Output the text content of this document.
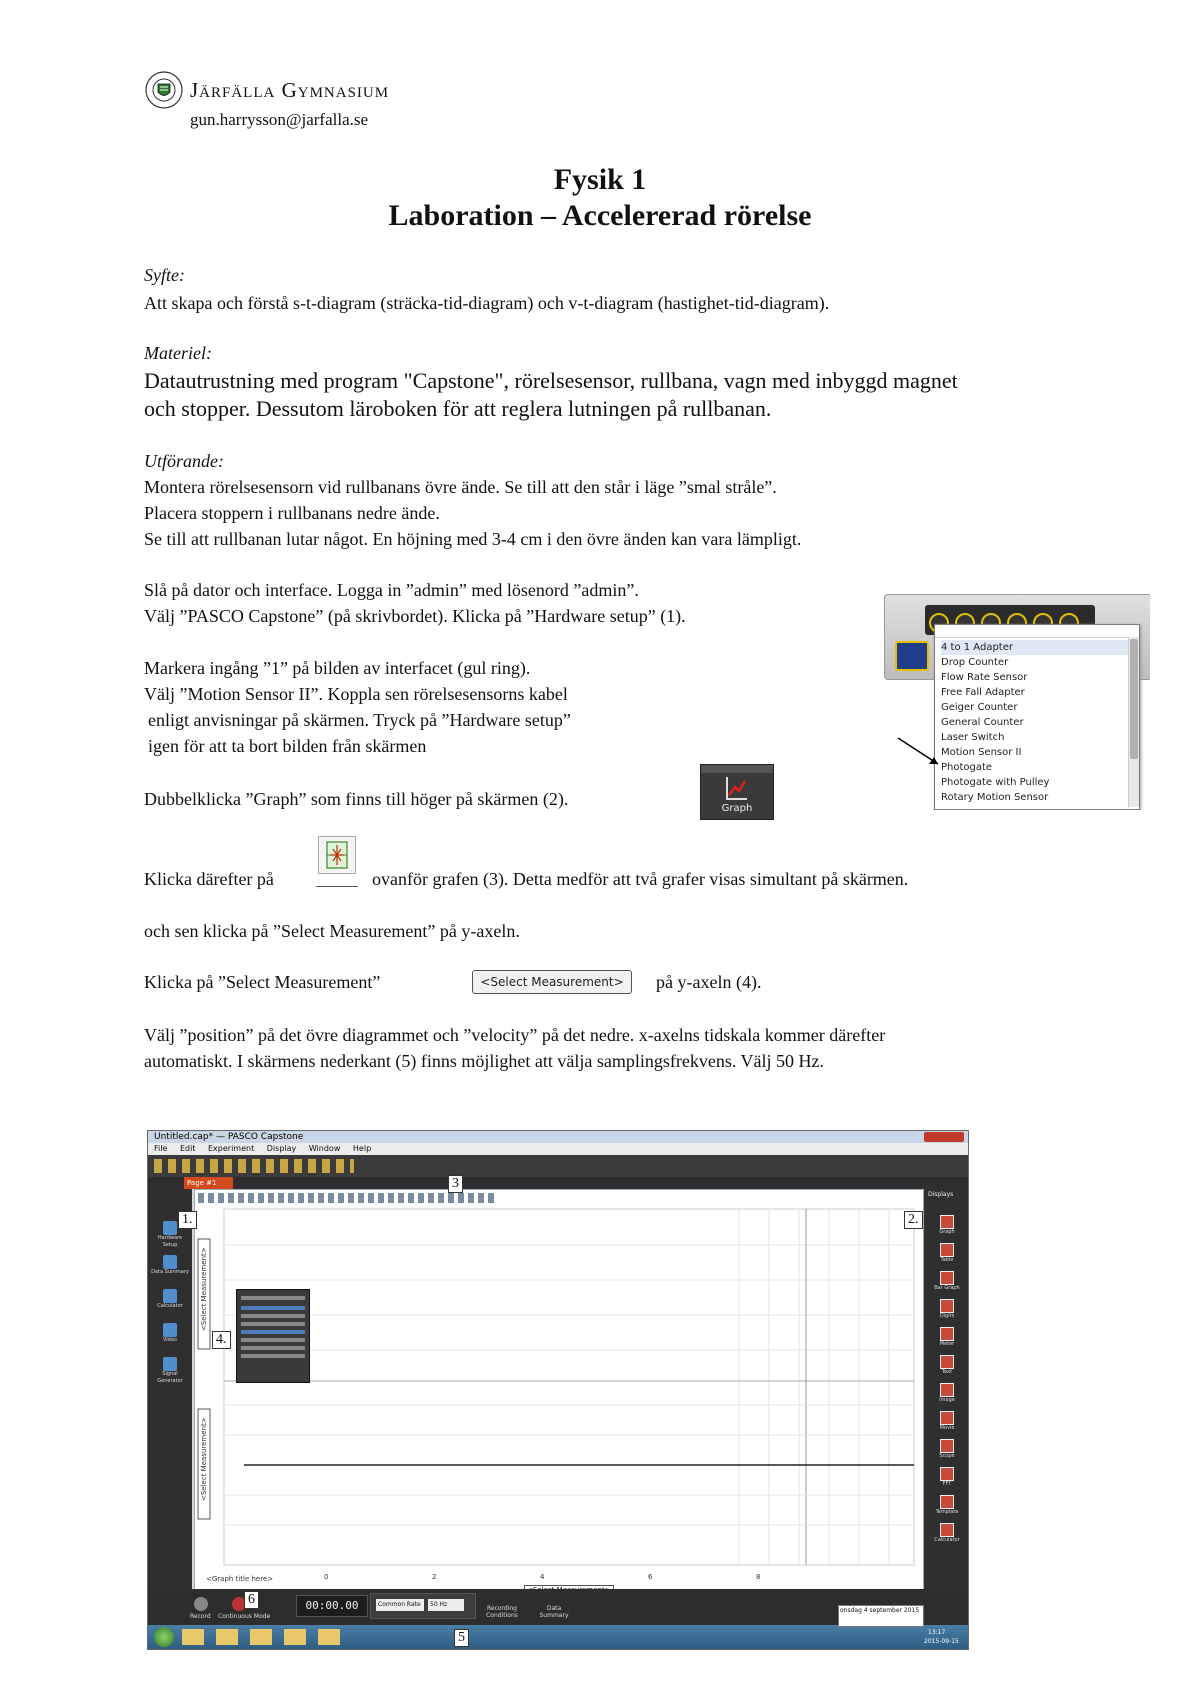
Järfälla Gymnasium
gun.harrysson@jarfalla.se
Fysik 1
Laboration – Accelererad rörelse
Syfte:
Att skapa och förstå s-t-diagram (sträcka-tid-diagram) och v-t-diagram (hastighet-tid-diagram).
Materiel:
Datautrustning med program "Capstone", rörelsesensor, rullbana, vagn med inbyggd magnet
och stopper. Dessutom läroboken för att reglera lutningen på rullbanan.
Utförande:
Montera rörelsesensorn vid rullbanans övre ände. Se till att den står i läge ”smal stråle”.
Placera stoppern i rullbanans nedre ände.
Se till att rullbanan lutar något. En höjning med 3-4 cm i den övre änden kan vara lämpligt.
Slå på dator och interface. Logga in ”admin” med lösenord ”admin”.
Välj ”PASCO Capstone” (på skrivbordet). Klicka på ”Hardware setup” (1).
Markera ingång ”1” på bilden av interfacet (gul ring).
Välj ”Motion Sensor II”. Koppla sen rörelsesensorns kabel
enligt anvisningar på skärmen. Tryck på ”Hardware setup”
igen för att ta bort bilden från skärmen
Dubbelklicka ”Graph” som finns till höger på skärmen (2).	Graph
Klicka därefter på	ovanför grafen (3). Detta medför att två grafer visas simultant på skärmen.
och sen klicka på ”Select Measurement” på y-axeln.
Klicka på ”Select Measurement”	<Select Measurement>	på y-axeln (4).
Välj ”position” på det övre diagrammet och ”velocity” på det nedre. x-axelns tidskala kommer därefter
automatiskt. I skärmens nederkant (5) finns möjlighet att välja samplingsfrekvens. Välj 50 Hz.
4 to 1 Adapter
Drop Counter
Flow Rate Sensor
Free Fall Adapter
Geiger Counter
General Counter
Laser Switch
Motion Sensor II
Photogate
Photogate with Pulley
Rotary Motion Sensor
Untitled.cap* — PASCO Capstone
File Edit Experiment Display Window Help
Page #1
Hardware Setup
Data Summary
Calculator
Video
Signal Generator
Displays
Graph
Table
Bar Graph
Digits
Meter
Text
Image
Movie
Scope
FFT
Template
Calculator
<Select Measurement>
<Select Measurement>
0	2	4	6	8
<Graph title here>
Record Continuous Mode
00:00.00	Common Rate	50 Hz
Recording Conditions
Data Summary
onsdag 4 september 2015
13:17
2015-09-15
1.	2.
3
4.
5
6
